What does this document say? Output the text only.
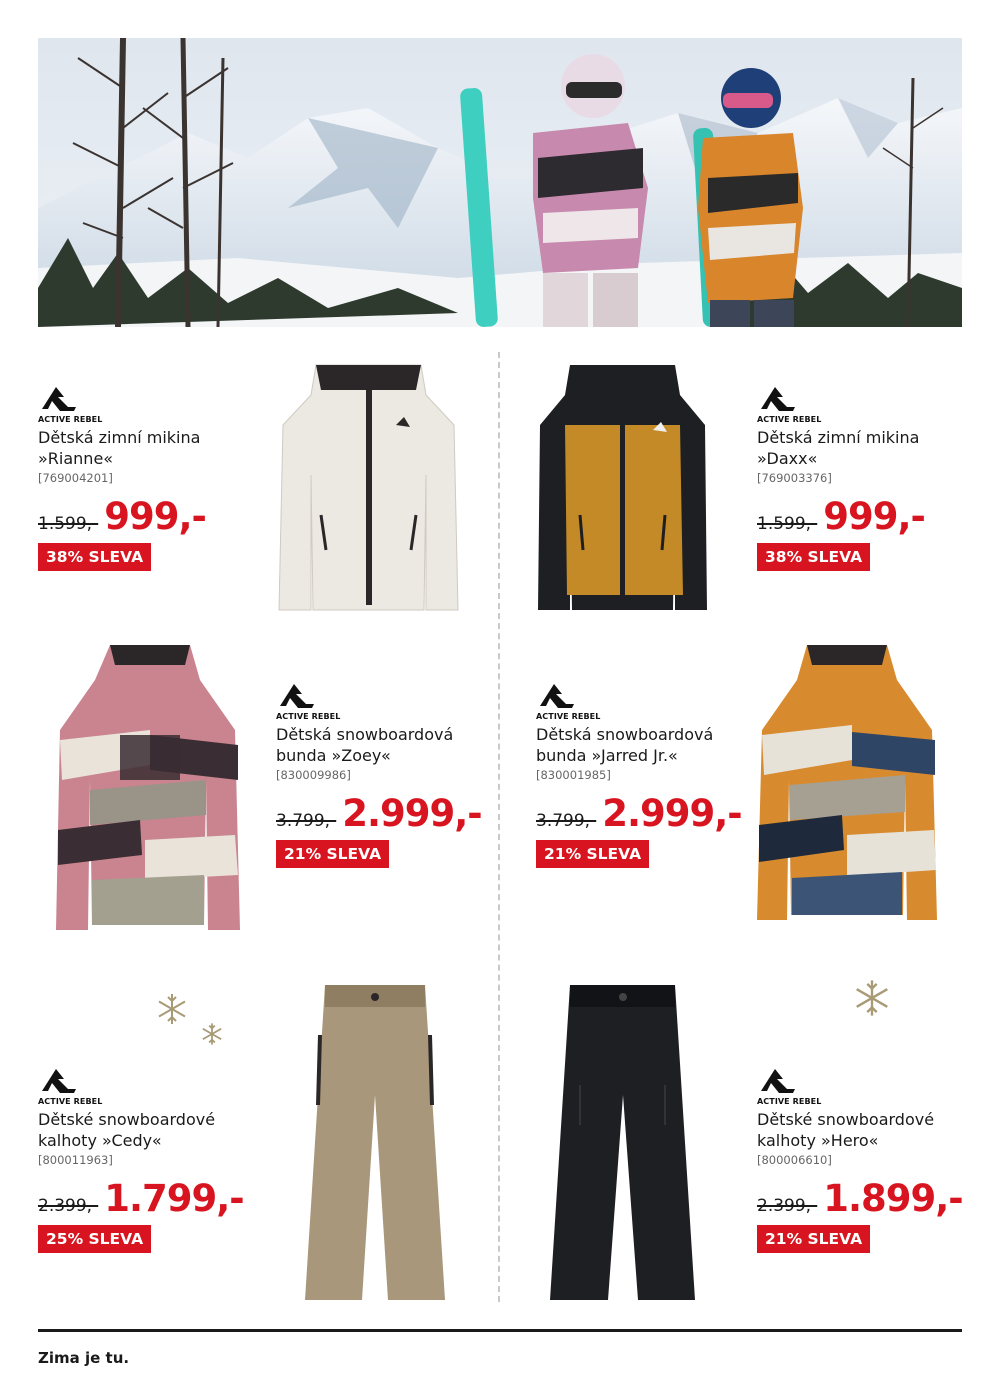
ACTIVE REBEL
Dětská zimní mikina
»Rianne«
[769004201]
1.599,- 999,-
38% SLEVA
ACTIVE REBEL
Dětská zimní mikina
»Daxx«
[769003376]
1.599,- 999,-
38% SLEVA
ACTIVE REBEL
Dětská snowboardová
bunda »Zoey«
[830009986]
3.799,- 2.999,-
21% SLEVA
ACTIVE REBEL
Dětská snowboardová
bunda »Jarred Jr.«
[830001985]
3.799,- 2.999,-
21% SLEVA
ACTIVE REBEL
Dětské snowboardové
kalhoty »Cedy«
[800011963]
2.399,- 1.799,-
25% SLEVA
ACTIVE REBEL
Dětské snowboardové
kalhoty »Hero«
[800006610]
2.399,- 1.899,-
21% SLEVA
Zima je tu.
